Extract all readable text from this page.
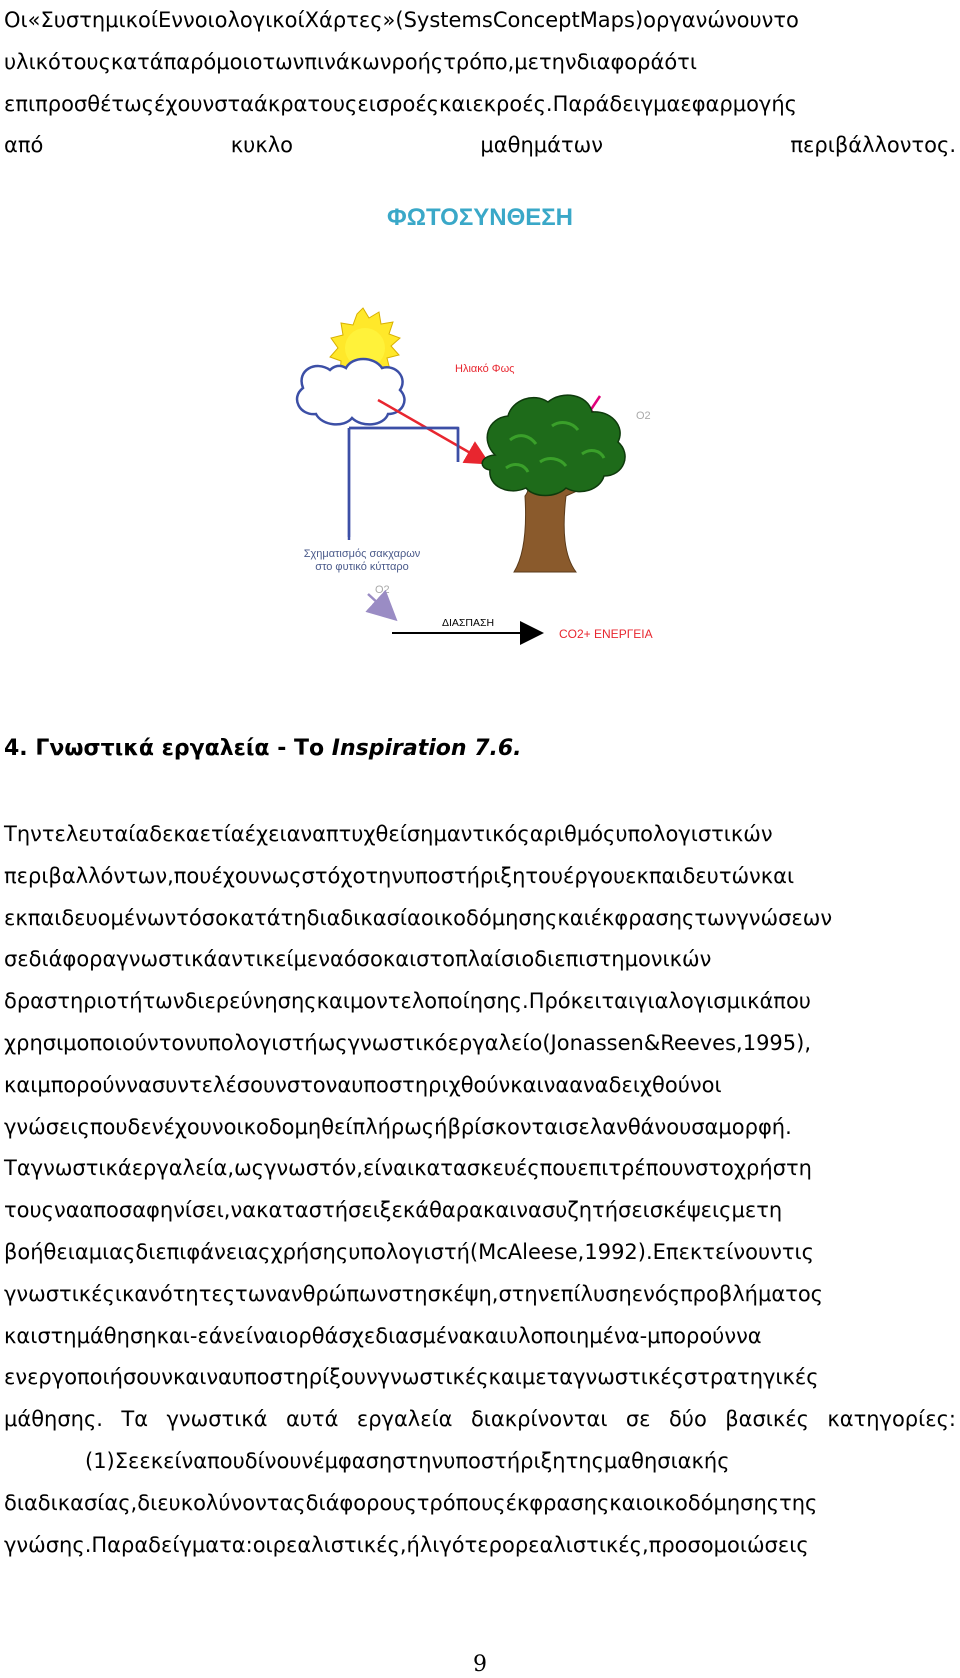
Οι«ΣυστημικοίΕννοιολογικοίΧάρτες»(SystemsConceptMaps)οργανώνουντο
υλικότουςκατάπαρόμοιοτωνπινάκωνροήςτρόπο,μετηνδιαφοράότι
επιπροσθέτωςέχουνσταάκρατουςεισροέςκαιεκροές.Παράδειγμαεφαρμογής
από κυκλο μαθημάτων περιβάλλοντος.
ΦΩΤΟΣΥΝΘΕΣΗ
Ηλιακό Φως
O2
Σχηματισμός σακχαρων
στο φυτικό κύτταρο
O2
ΔΙΑΣΠΑΣΗ
CO2+ ΕΝΕΡΓΕΙΑ
4. Γνωστικά εργαλεία - Το Inspiration 7.6.
Τηντελευταίαδεκαετίαέχειαναπτυχθείσημαντικόςαριθμόςυπολογιστικών
περιβαλλόντων,πουέχουνωςστόχοτηνυποστήριξητουέργουεκπαιδευτώνκαι
εκπαιδευομένωντόσοκατάτηδιαδικασίαοικοδόμησηςκαιέκφρασηςτωνγνώσεων
σεδιάφοραγνωστικάαντικείμεναόσοκαιστοπλαίσιοδιεπιστημονικών
δραστηριοτήτωνδιερεύνησηςκαιμοντελοποίησης.Πρόκειταιγιαλογισμικάπου
χρησιμοποιούντονυπολογιστήωςγνωστικόεργαλείο(Jonassen&Reeves,1995),
καιμπορούννασυντελέσουνστοναυποστηριχθούνκαινααναδειχθούνοι
γνώσειςπουδενέχουνοικοδομηθείπλήρωςήβρίσκονταισελανθάνουσαμορφή.
Ταγνωστικάεργαλεία,ωςγνωστόν,είναικατασκευέςπουεπιτρέπουνστοχρήστη
τουςνααποσαφηνίσει,νακαταστήσειξεκάθαρακαινασυζητήσεισκέψειςμετη
βοήθειαμιαςδιεπιφάνειαςχρήσηςυπολογιστή(McAleese,1992).Επεκτείνουντις
γνωστικέςικανότητεςτωνανθρώπωνστησκέψη,στηνεπίλυσηενόςπροβλήματος
καιστημάθησηκαι-εάνείναιορθάσχεδιασμένακαιυλοποιημένα-μπορούννα
ενεργοποιήσουνκαιναυποστηρίξουνγνωστικέςκαιμεταγνωστικέςστρατηγικές
μάθησης. Τα γνωστικά αυτά εργαλεία διακρίνονται σε δύο βασικές κατηγορίες:
(1)Σεεκείναπουδίνουνέμφασηστηνυποστήριξητηςμαθησιακής
διαδικασίας,διευκολύνονταςδιάφορουςτρόπουςέκφρασηςκαιοικοδόμησηςτης
γνώσης.Παραδείγματα:οιρεαλιστικές,ήλιγότερορεαλιστικές,προσομοιώσεις
9
